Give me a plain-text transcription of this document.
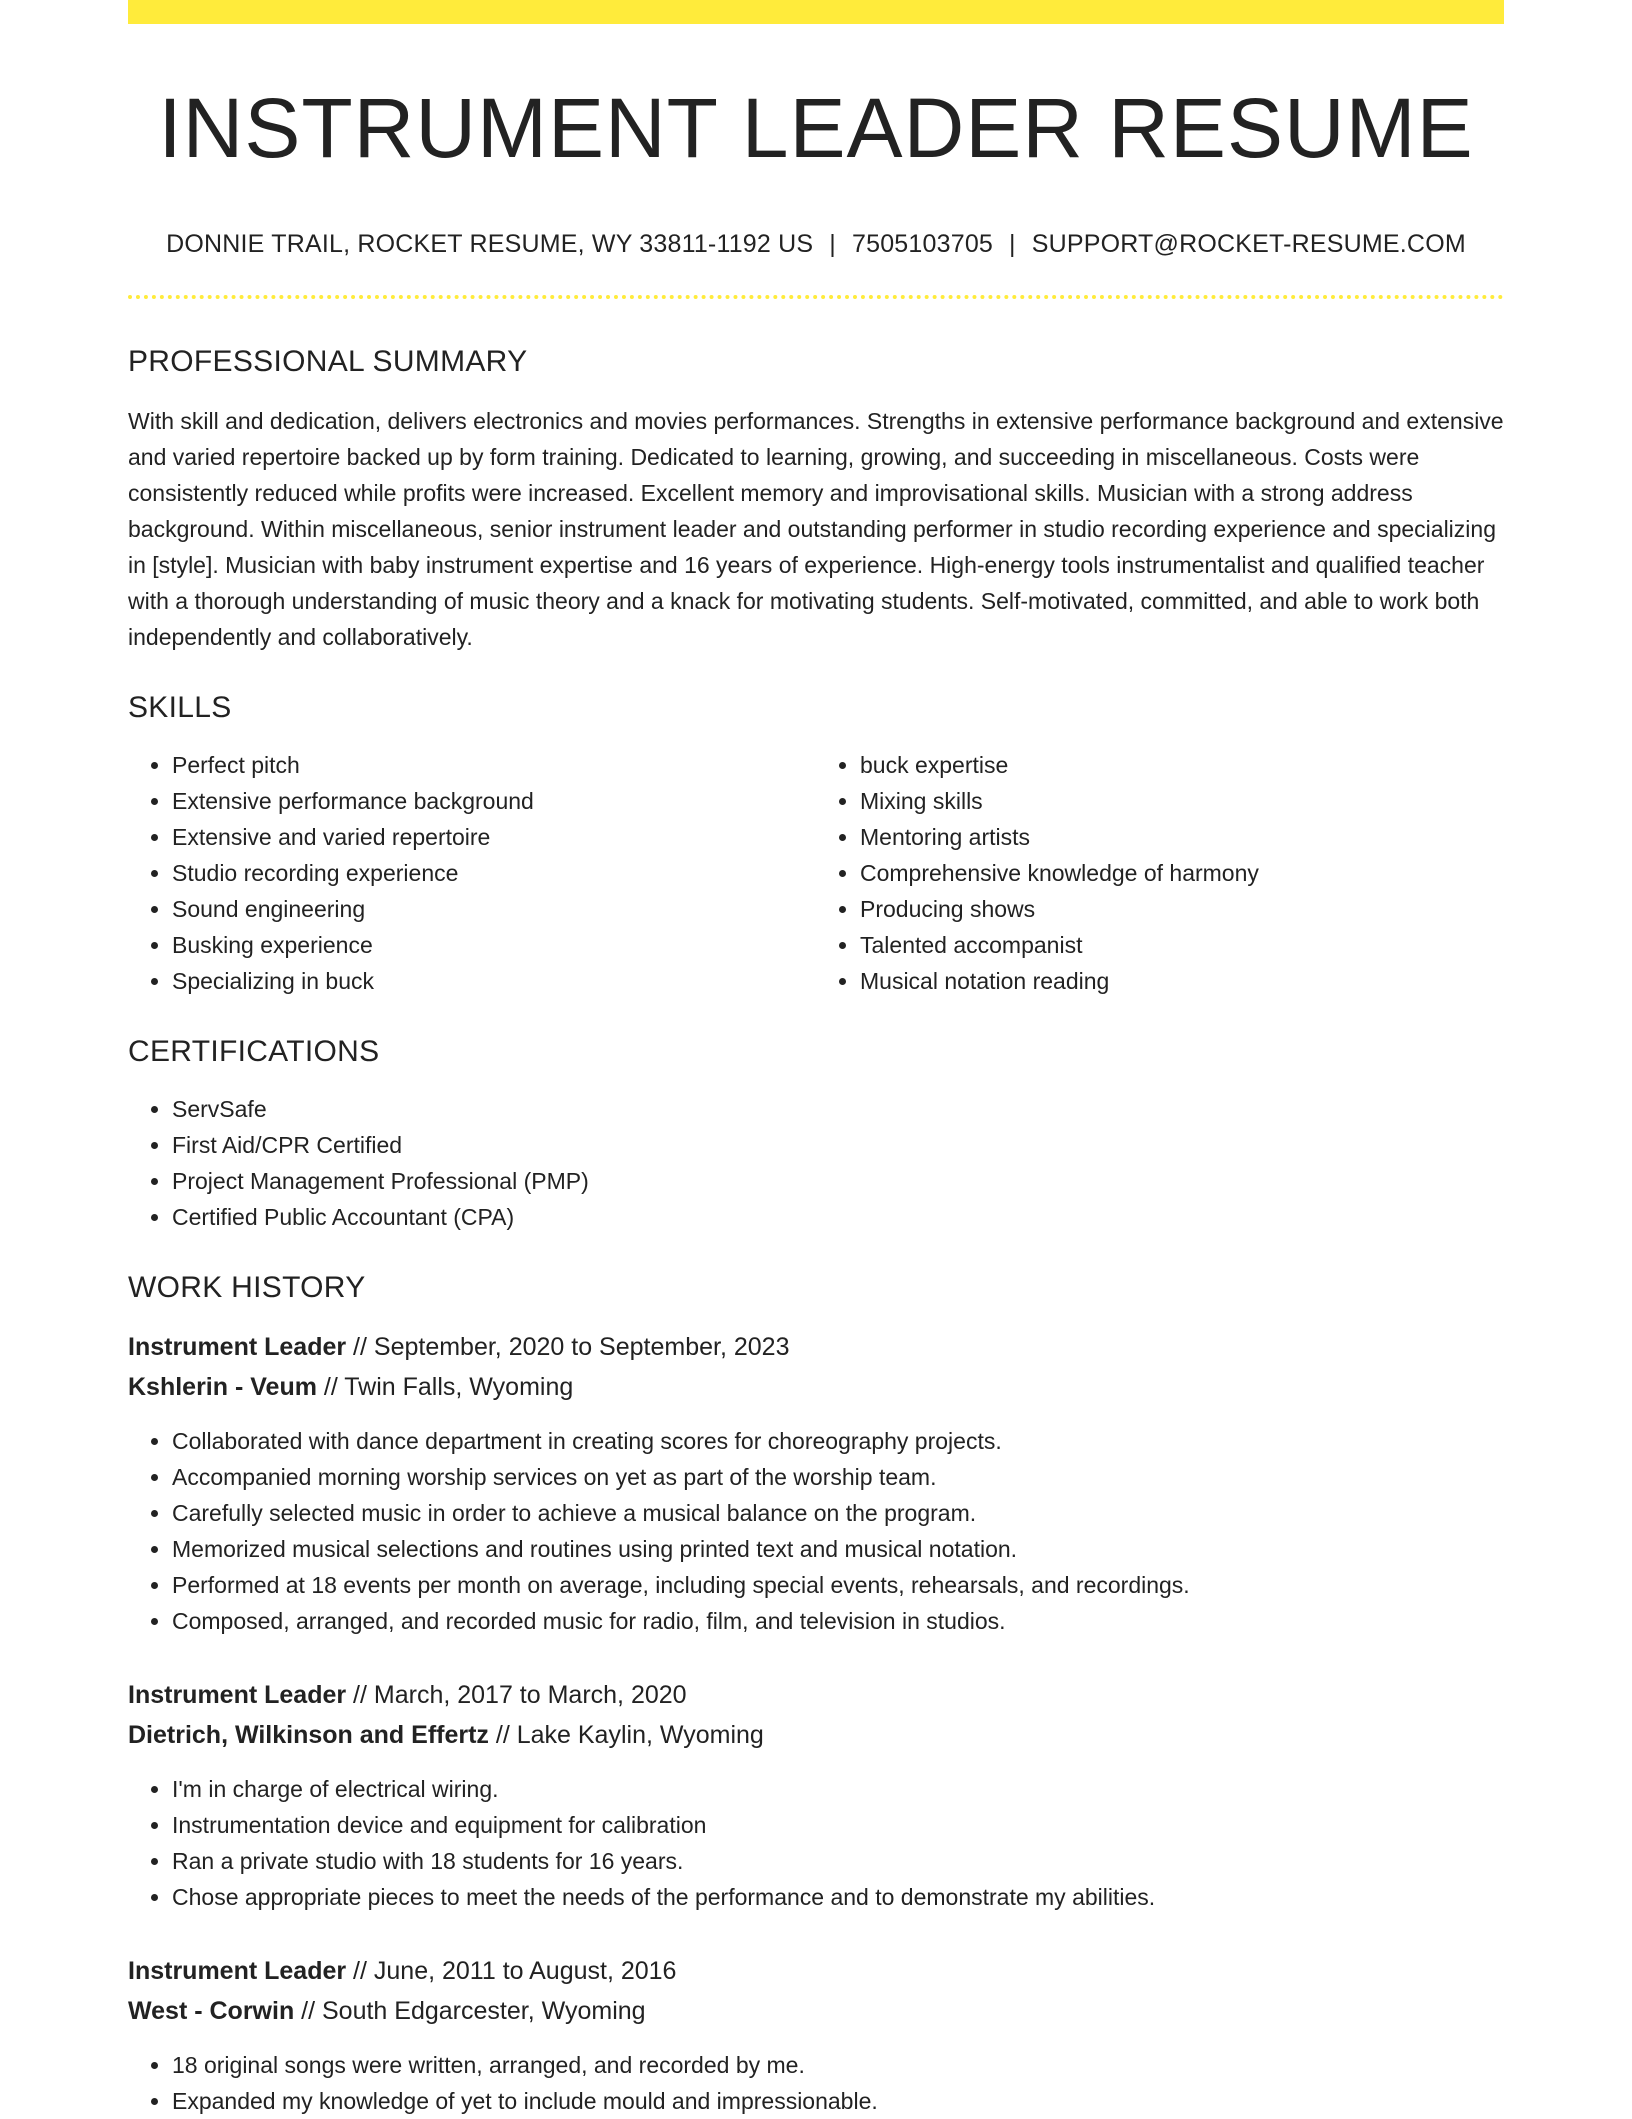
INSTRUMENT LEADER RESUME
DONNIE TRAIL, ROCKET RESUME, WY 33811-1192 US | 7505103705 | SUPPORT@ROCKET-RESUME.COM
PROFESSIONAL SUMMARY

With skill and dedication, delivers electronics and movies performances. Strengths in extensive performance background and extensive and varied repertoire backed up by form training. Dedicated to learning, growing, and succeeding in miscellaneous. Costs were consistently reduced while profits were increased. Excellent memory and improvisational skills. Musician with a strong address background. Within miscellaneous, senior instrument leader and outstanding performer in studio recording experience and specializing in [style]. Musician with baby instrument expertise and 16 years of experience. High-energy tools instrumentalist and qualified teacher with a thorough understanding of music theory and a knack for motivating students. Self-motivated, committed, and able to work both independently and collaboratively.

SKILLS
• Perfect pitch
• Extensive performance background
• Extensive and varied repertoire
• Studio recording experience
• Sound engineering
• Busking experience
• Specializing in buck
• buck expertise
• Mixing skills
• Mentoring artists
• Comprehensive knowledge of harmony
• Producing shows
• Talented accompanist
• Musical notation reading
CERTIFICATIONS
• ServSafe
• First Aid/CPR Certified
• Project Management Professional (PMP)
• Certified Public Accountant (CPA)
WORK HISTORY
Instrument Leader // September, 2020 to September, 2023
Kshlerin - Veum // Twin Falls, Wyoming
• Collaborated with dance department in creating scores for choreography projects.
• Accompanied morning worship services on yet as part of the worship team.
• Carefully selected music in order to achieve a musical balance on the program.
• Memorized musical selections and routines using printed text and musical notation.
• Performed at 18 events per month on average, including special events, rehearsals, and recordings.
• Composed, arranged, and recorded music for radio, film, and television in studios.
Instrument Leader // March, 2017 to March, 2020
Dietrich, Wilkinson and Effertz // Lake Kaylin, Wyoming
• I'm in charge of electrical wiring.
• Instrumentation device and equipment for calibration
• Ran a private studio with 18 students for 16 years.
• Chose appropriate pieces to meet the needs of the performance and to demonstrate my abilities.
Instrument Leader // June, 2011 to August, 2016
West - Corwin // South Edgarcester, Wyoming
• 18 original songs were written, arranged, and recorded by me.
• Expanded my knowledge of yet to include mould and impressionable.
